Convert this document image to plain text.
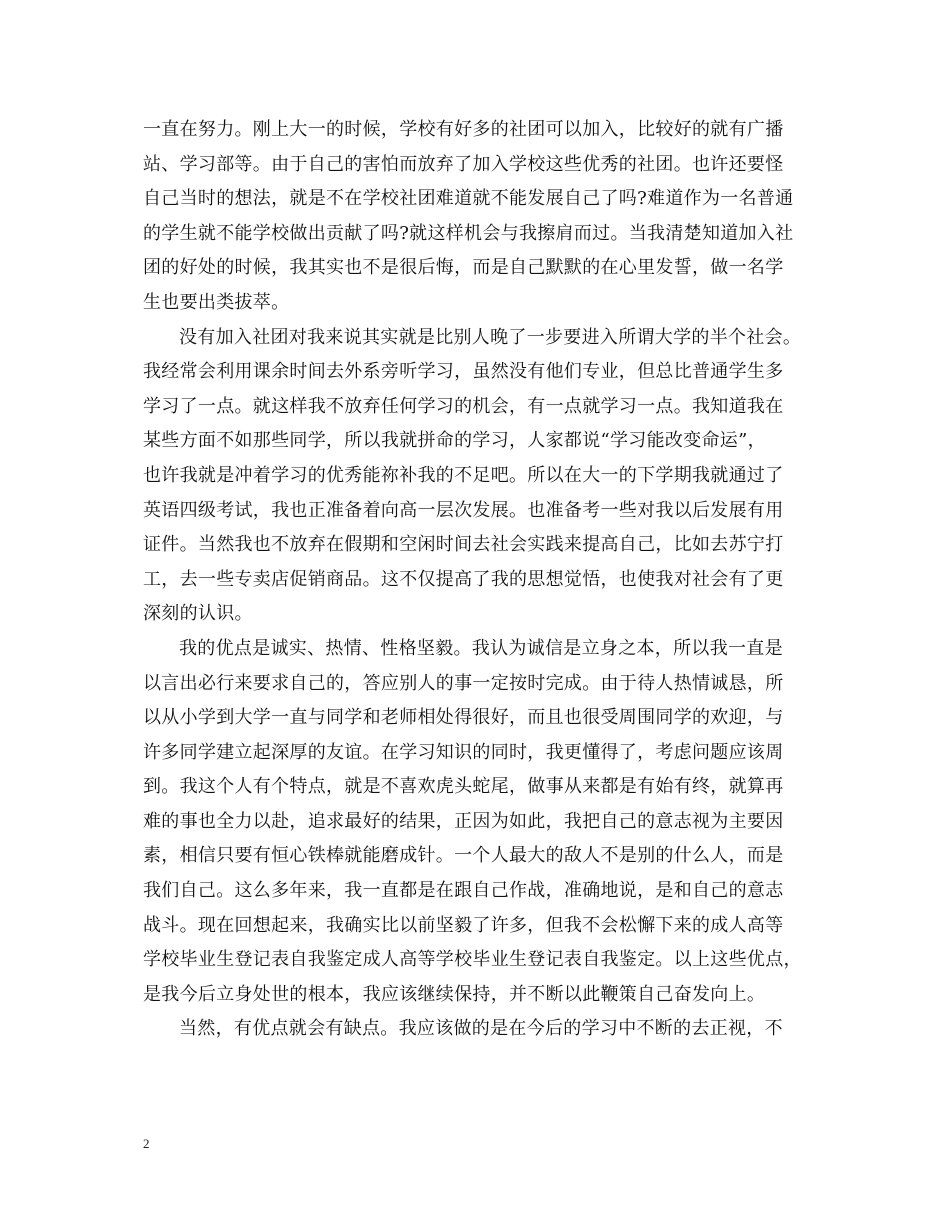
一直在努力。刚上大一的时候，学校有好多的社团可以加入，比较好的就有广播
站、学习部等。由于自己的害怕而放弃了加入学校这些优秀的社团。也许还要怪
自己当时的想法，就是不在学校社团难道就不能发展自己了吗?难道作为一名普通
的学生就不能学校做出贡献了吗?就这样机会与我擦肩而过。当我清楚知道加入社
团的好处的时候，我其实也不是很后悔，而是自己默默的在心里发誓，做一名学
生也要出类拔萃。
没有加入社团对我来说其实就是比别人晚了一步要进入所谓大学的半个社会。
我经常会利用课余时间去外系旁听学习，虽然没有他们专业，但总比普通学生多
学习了一点。就这样我不放弃任何学习的机会，有一点就学习一点。我知道我在
某些方面不如那些同学，所以我就拼命的学习，人家都说“学习能改变命运”，
也许我就是冲着学习的优秀能祢补我的不足吧。所以在大一的下学期我就通过了
英语四级考试，我也正准备着向高一层次发展。也准备考一些对我以后发展有用
证件。当然我也不放弃在假期和空闲时间去社会实践来提高自己，比如去苏宁打
工，去一些专卖店促销商品。这不仅提高了我的思想觉悟，也使我对社会有了更
深刻的认识。
我的优点是诚实、热情、性格坚毅。我认为诚信是立身之本，所以我一直是
以言出必行来要求自己的，答应别人的事一定按时完成。由于待人热情诚恳，所
以从小学到大学一直与同学和老师相处得很好，而且也很受周围同学的欢迎，与
许多同学建立起深厚的友谊。在学习知识的同时，我更懂得了，考虑问题应该周
到。我这个人有个特点，就是不喜欢虎头蛇尾，做事从来都是有始有终，就算再
难的事也全力以赴，追求最好的结果，正因为如此，我把自己的意志视为主要因
素，相信只要有恒心铁棒就能磨成针。一个人最大的敌人不是别的什么人，而是
我们自己。这么多年来，我一直都是在跟自己作战，准确地说，是和自己的意志
战斗。现在回想起来，我确实比以前坚毅了许多，但我不会松懈下来的成人高等
学校毕业生登记表自我鉴定成人高等学校毕业生登记表自我鉴定。以上这些优点，
是我今后立身处世的根本，我应该继续保持，并不断以此鞭策自己奋发向上。
当然，有优点就会有缺点。我应该做的是在今后的学习中不断的去正视，不
2
